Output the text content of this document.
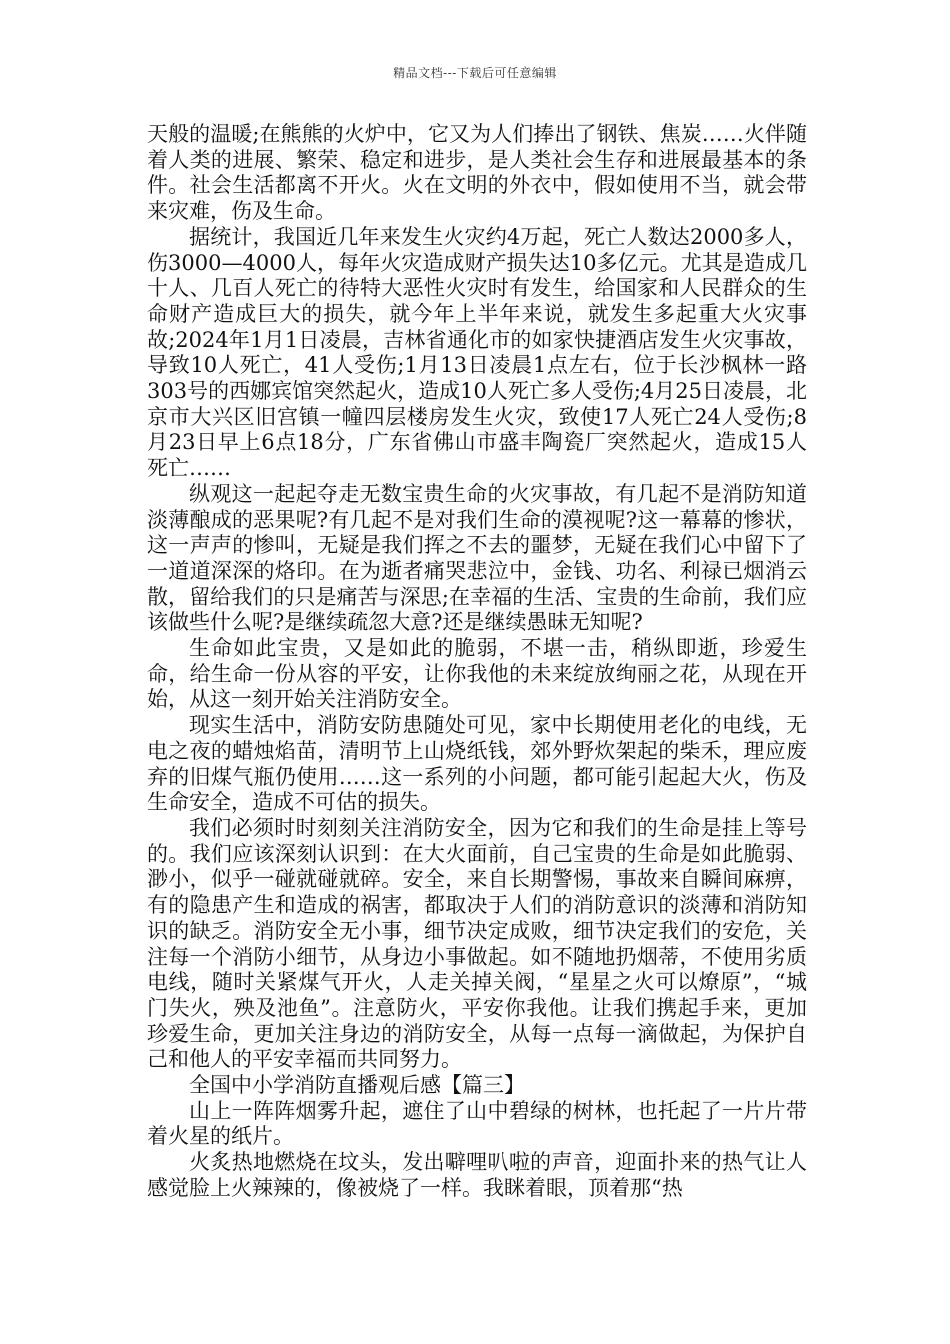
精品文档---下载后可任意编辑

天般的温暖;在熊熊的火炉中，它又为人们捧出了钢铁、焦炭……火伴随着人类的进展、繁荣、稳定和进步，是人类社会生存和进展最基本的条件。社会生活都离不开火。火在文明的外衣中，假如使用不当，就会带来灾难，伤及生命。

据统计，我国近几年来发生火灾约4万起，死亡人数达2000多人，伤3000—4000人，每年火灾造成财产损失达10多亿元。尤其是造成几十人、几百人死亡的待特大恶性火灾时有发生，给国家和人民群众的生命财产造成巨大的损失，就今年上半年来说，就发生多起重大火灾事故;2024年1月1日凌晨，吉林省通化市的如家快捷酒店发生火灾事故，导致10人死亡，41人受伤;1月13日凌晨1点左右，位于长沙枫林一路303号的西娜宾馆突然起火，造成10人死亡多人受伤;4月25日凌晨，北京市大兴区旧宫镇一幢四层楼房发生火灾，致使17人死亡24人受伤;8月23日早上6点18分，广东省佛山市盛丰陶瓷厂突然起火，造成15人死亡……

纵观这一起起夺走无数宝贵生命的火灾事故，有几起不是消防知道淡薄酿成的恶果呢?有几起不是对我们生命的漠视呢?这一幕幕的惨状，这一声声的惨叫，无疑是我们挥之不去的噩梦，无疑在我们心中留下了一道道深深的烙印。在为逝者痛哭悲泣中，金钱、功名、利禄已烟消云散，留给我们的只是痛苦与深思;在幸福的生活、宝贵的生命前，我们应该做些什么呢?是继续疏忽大意?还是继续愚昧无知呢?

生命如此宝贵，又是如此的脆弱，不堪一击，稍纵即逝，珍爱生命，给生命一份从容的平安，让你我他的未来绽放绚丽之花，从现在开始，从这一刻开始关注消防安全。

现实生活中，消防安防患随处可见，家中长期使用老化的电线，无电之夜的蜡烛焰苗，清明节上山烧纸钱，郊外野炊架起的柴禾，理应废弃的旧煤气瓶仍使用……这一系列的小问题，都可能引起起大火，伤及生命安全，造成不可估的损失。

我们必须时时刻刻关注消防安全，因为它和我们的生命是挂上等号的。我们应该深刻认识到：在大火面前，自己宝贵的生命是如此脆弱、渺小，似乎一碰就碰就碎。安全，来自长期警惕，事故来自瞬间麻痹，有的隐患产生和造成的祸害，都取决于人们的消防意识的淡薄和消防知识的缺乏。消防安全无小事，细节决定成败，细节决定我们的安危，关注每一个消防小细节，从身边小事做起。如不随地扔烟蒂，不使用劣质电线，随时关紧煤气开火，人走关掉关阀，“星星之火可以燎原”，“城门失火，殃及池鱼”。注意防火，平安你我他。让我们携起手来，更加珍爱生命，更加关注身边的消防安全，从每一点每一滴做起，为保护自己和他人的平安幸福而共同努力。

全国中小学消防直播观后感【篇三】

山上一阵阵烟雾升起，遮住了山中碧绿的树林，也托起了一片片带着火星的纸片。

火炙热地燃烧在坟头，发出噼哩叭啦的声音，迎面扑来的热气让人感觉脸上火辣辣的，像被烧了一样。我眯着眼，顶着那“热
